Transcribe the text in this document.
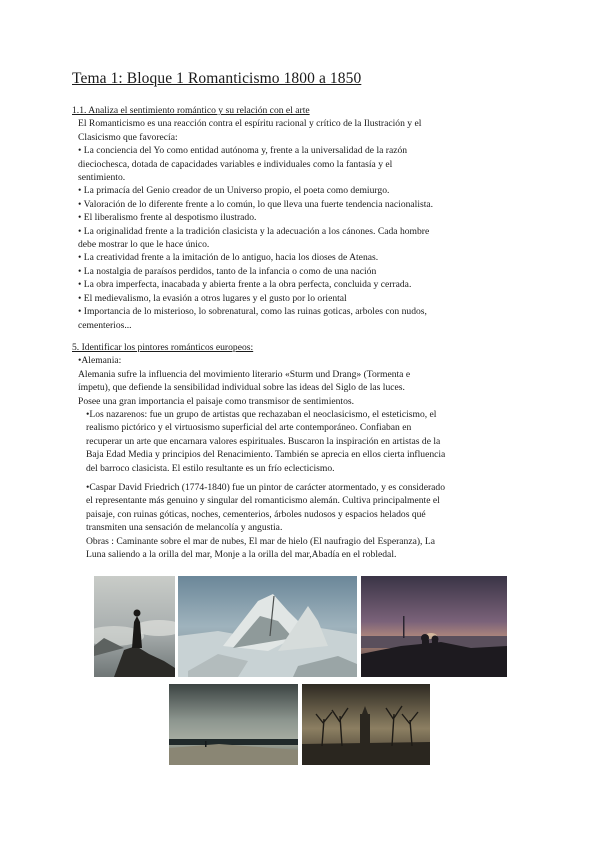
Tema 1: Bloque 1 Romanticismo 1800 a 1850
1.1. Analiza el sentimiento romántico y su relación con el arte
El Romanticismo es una reacción contra el espíritu racional y crítico de la Ilustración y el
Clasicismo que favorecía:
• La conciencia del Yo como entidad autónoma y, frente a la universalidad de la razón
dieciochesca, dotada de capacidades variables e individuales como la fantasía y el
sentimiento.
• La primacía del Genio creador de un Universo propio, el poeta como demiurgo.
• Valoración de lo diferente frente a lo común, lo que lleva una fuerte tendencia nacionalista.
• El liberalismo frente al despotismo ilustrado.
• La originalidad frente a la tradición clasicista y la adecuación a los cánones. Cada hombre
debe mostrar lo que le hace único.
• La creatividad frente a la imitación de lo antiguo, hacia los dioses de Atenas.
• La nostalgia de paraísos perdidos, tanto de la infancia o como de una nación
• La obra imperfecta, inacabada y abierta frente a la obra perfecta, concluida y cerrada.
• El medievalismo, la evasión a otros lugares y el gusto por lo oriental
• Importancia de lo misterioso, lo sobrenatural, como las ruinas goticas, arboles con nudos,
cementerios...
5. Identificar los pintores románticos europeos:
•Alemania:
Alemania sufre la influencia del movimiento literario «Sturm und Drang» (Tormenta e
ímpetu), que defiende la sensibilidad individual sobre las ideas del Siglo de las luces.
Posee una gran importancia el paisaje como transmisor de sentimientos.
•Los nazarenos: fue un grupo de artistas que rechazaban el neoclasicismo, el esteticismo, el
realismo pictórico y el virtuosismo superficial del arte contemporáneo. Confiaban en
recuperar un arte que encarnara valores espirituales. Buscaron la inspiración en artistas de la
Baja Edad Media y principios del Renacimiento. También se aprecia en ellos cierta influencia
del barroco clasicista. El estilo resultante es un frío eclecticismo.
•Caspar David Friedrich (1774-1840) fue un pintor de carácter atormentado, y es considerado
el representante más genuino y singular del romanticismo alemán. Cultiva principalmente el
paisaje, con ruinas góticas, noches, cementerios, árboles nudosos y espacios helados qué
transmiten una sensación de melancolía y angustia.
Obras : Caminante sobre el mar de nubes, El mar de hielo (El naufragio del Esperanza), La
Luna saliendo a la orilla del mar, Monje a la orilla del mar,Abadía en el robledal.
